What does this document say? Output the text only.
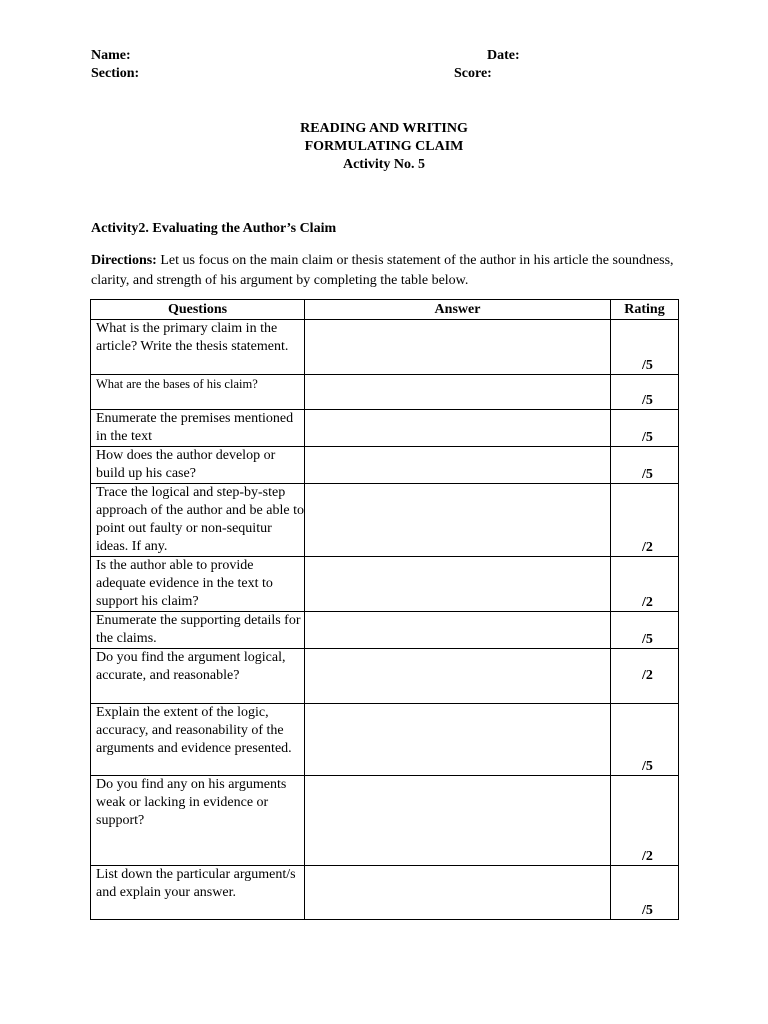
Name:	Date:
Section:	Score:
READING AND WRITING
FORMULATING CLAIM
Activity No. 5
Activity2. Evaluating the Author’s Claim
Directions: Let us focus on the main claim or thesis statement of the author in his article the soundness, clarity, and strength of his argument by completing the table below.
Questions	Answer	Rating
What is the primary claim in the article? Write the thesis statement.		/5
What are the bases of his claim?		/5
Enumerate the premises mentioned in the text		/5
How does the author develop or build up his case?		/5
Trace the logical and step-by-step approach of the author and be able to point out faulty or non-sequitur ideas. If any.		/2
Is the author able to provide adequate evidence in the text to support his claim?		/2
Enumerate the supporting details for the claims.		/5
Do you find the argument logical, accurate, and reasonable?		/2
Explain the extent of the logic, accuracy, and reasonability of the arguments and evidence presented.		/5
Do you find any on his arguments weak or lacking in evidence or support?		/2
List down the particular argument/s and explain your answer.		/5
